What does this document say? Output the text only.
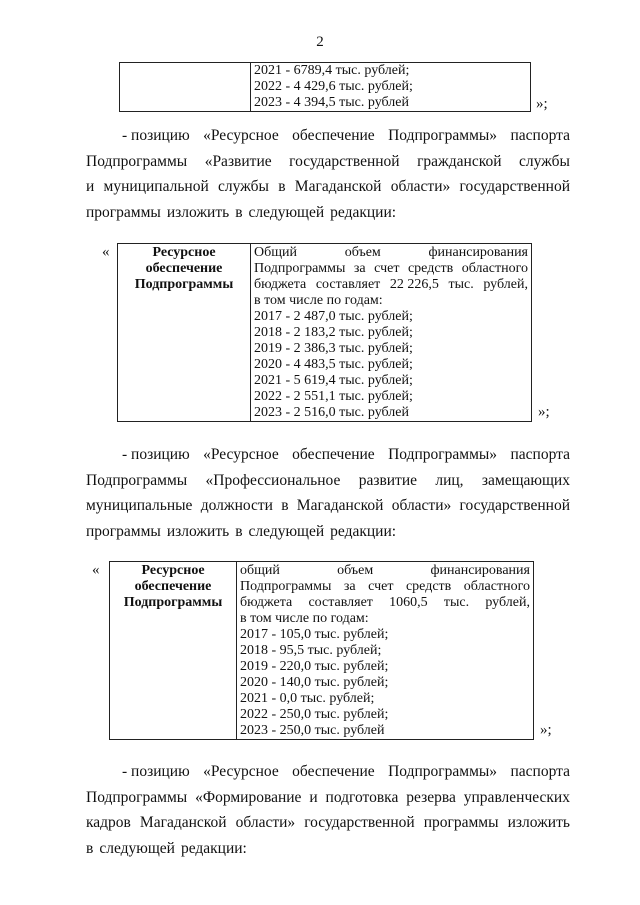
2

2021 - 6789,4 тыс. рублей;
2022 - 4 429,6 тыс. рублей;
2023 - 4 394,5 тыс. рублей	»;
- позицию «Ресурсное обеспечение Подпрограммы» паспорта
Подпрограммы «Развитие государственной гражданской службы
и муниципальной службы в Магаданской области» государственной
программы изложить в следующей редакции:
«	Ресурсное
обеспечение
Подпрограммы

Общий	объем	финансирования
Подпрограммы за счет средств областного
бюджета составляет 22 226,5 тыс. рублей,
в том числе по годам:
2017 - 2 487,0 тыс. рублей;
2018 - 2 183,2 тыс. рублей;
2019 - 2 386,3 тыс. рублей;
2020 - 4 483,5 тыс. рублей;
2021 - 5 619,4 тыс. рублей;
2022 - 2 551,1 тыс. рублей;
2023 - 2 516,0 тыс. рублей	»;
- позицию «Ресурсное обеспечение Подпрограммы» паспорта
Подпрограммы «Профессиональное развитие лиц, замещающих
муниципальные должности в Магаданской области» государственной
программы изложить в следующей редакции:
«	Ресурсное
обеспечение
Подпрограммы

общий	объем	финансирования
Подпрограммы за счет средств областного
бюджета составляет 1060,5 тыс. рублей,
в том числе по годам:
2017 - 105,0 тыс. рублей;
2018 - 95,5 тыс. рублей;
2019 - 220,0 тыс. рублей;
2020 - 140,0 тыс. рублей;
2021 - 0,0 тыс. рублей;
2022 - 250,0 тыс. рублей;
2023 - 250,0 тыс. рублей	»;
- позицию «Ресурсное обеспечение Подпрограммы» паспорта
Подпрограммы «Формирование и подготовка резерва управленческих
кадров Магаданской области» государственной программы изложить
в следующей редакции:
